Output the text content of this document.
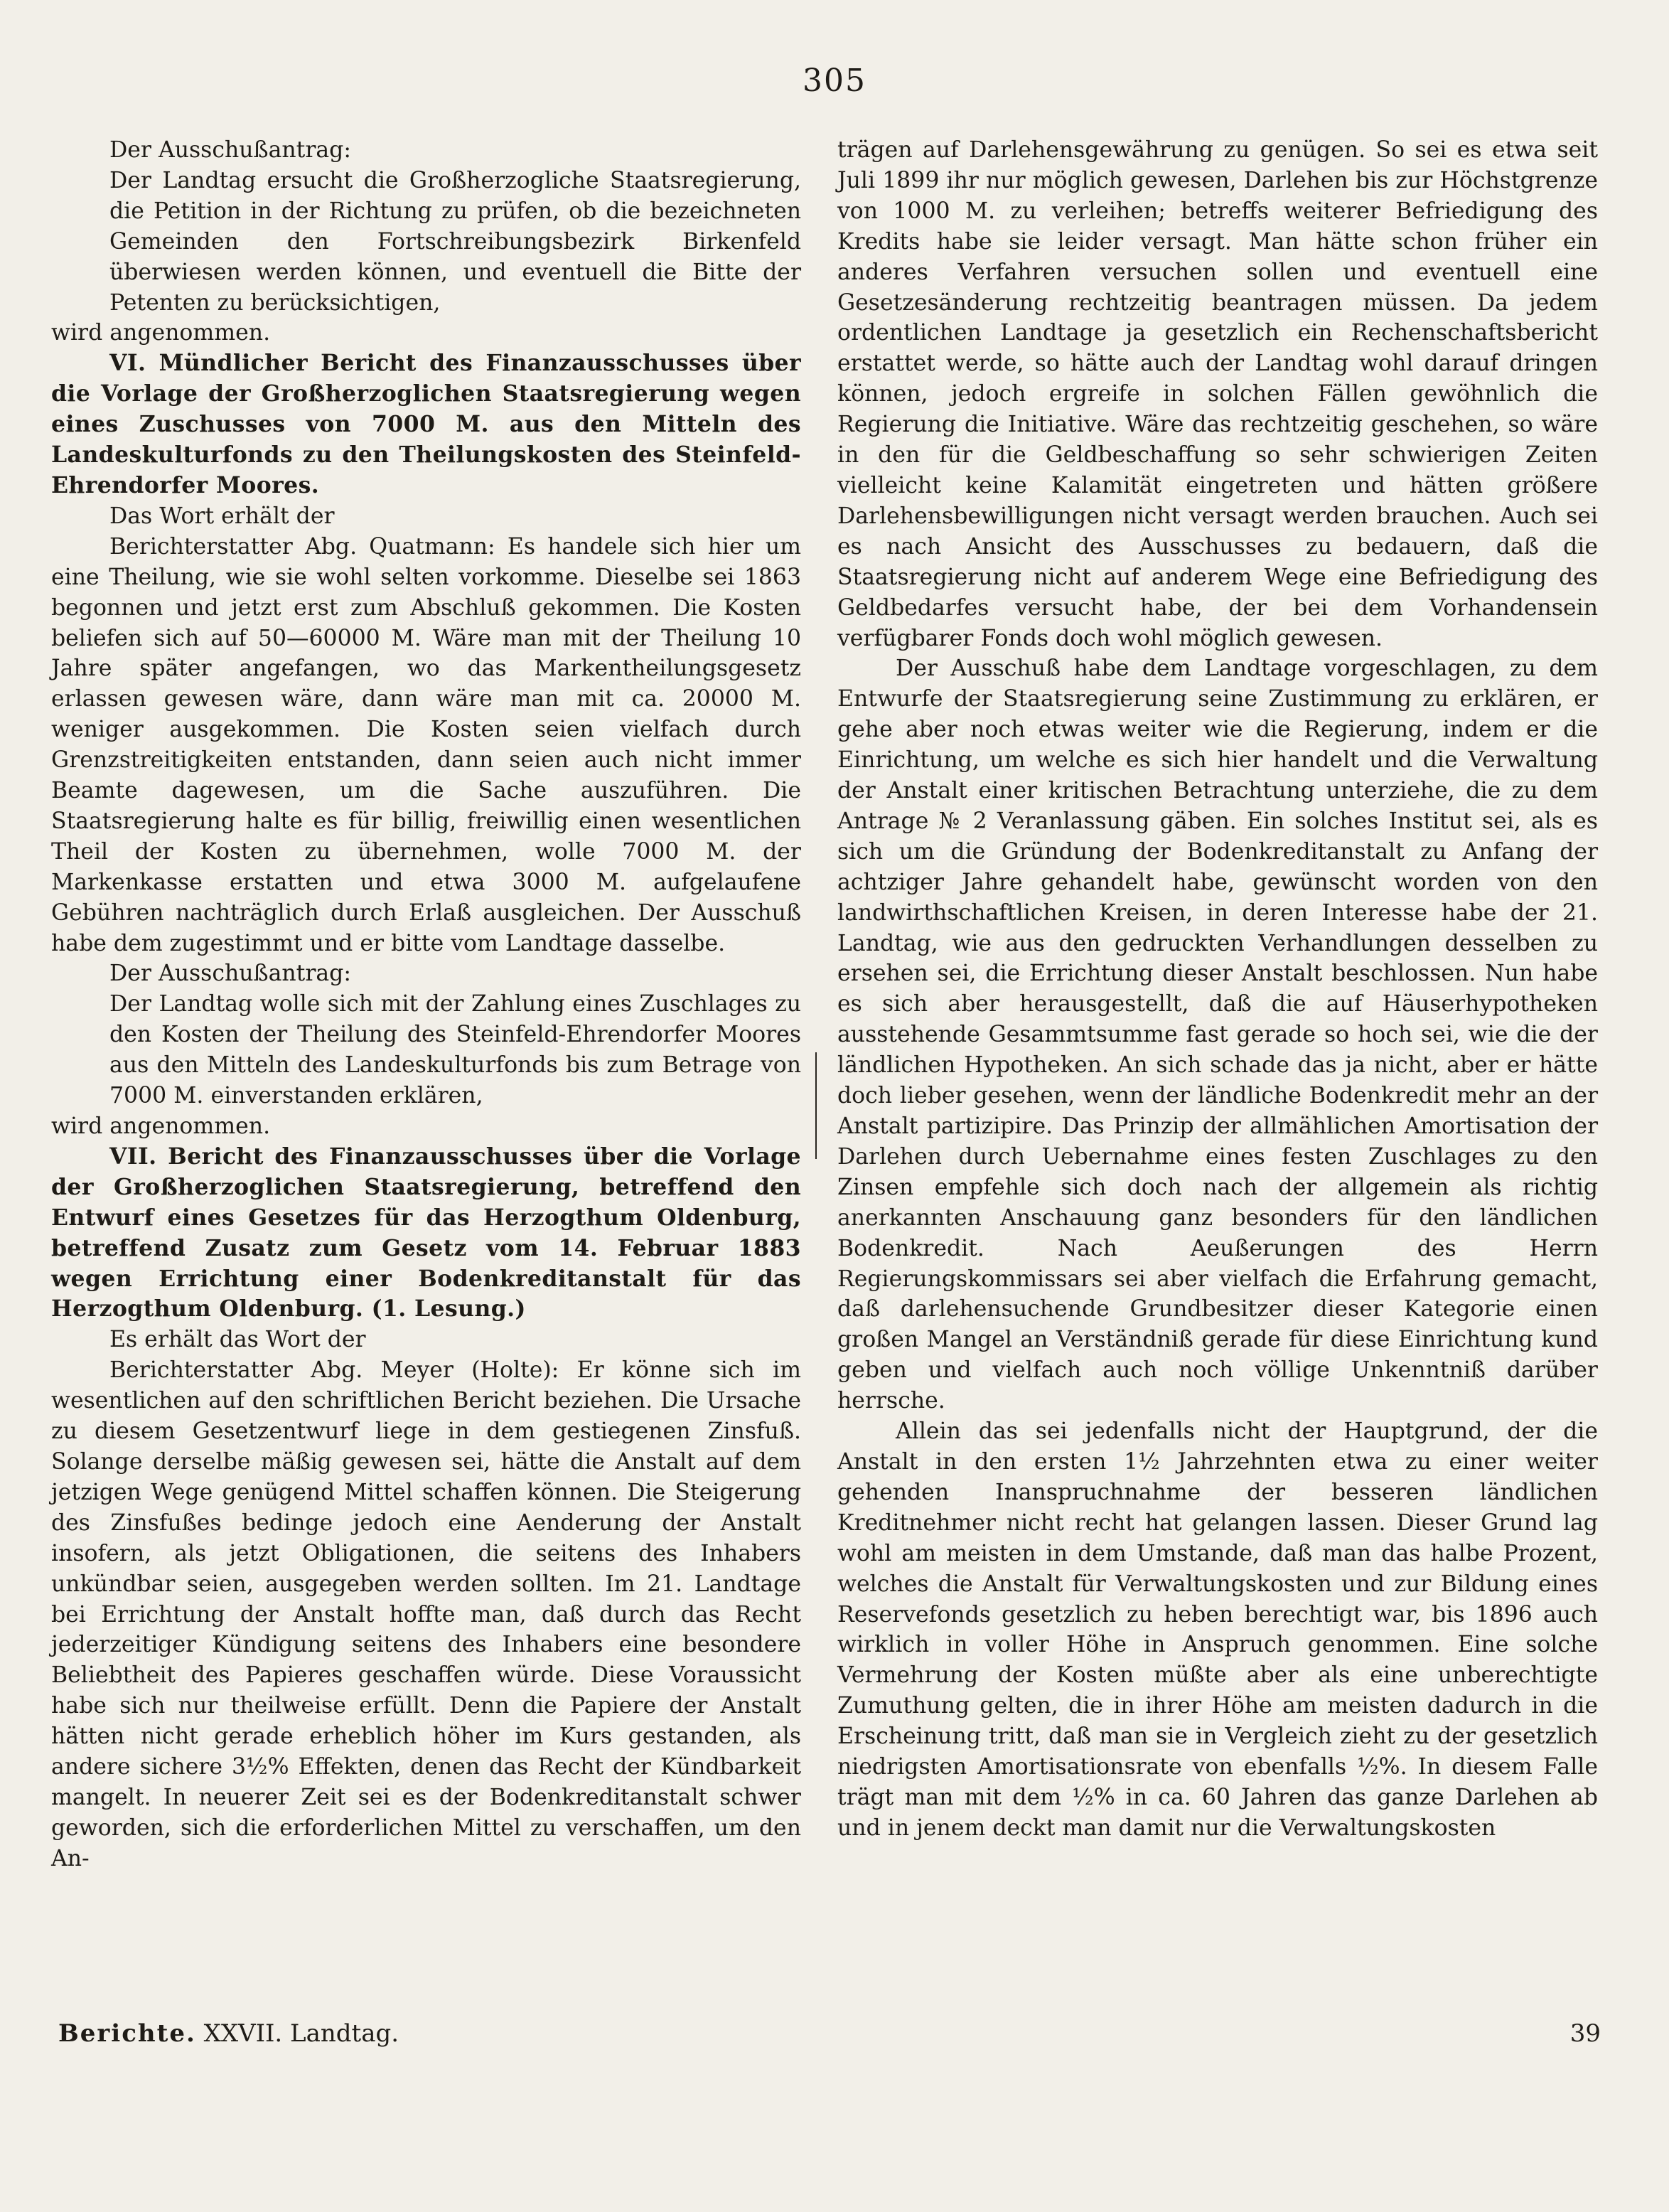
305

Der Ausschußantrag:

Der Landtag ersucht die Großherzogliche Staatsregierung, die Petition in der Richtung zu prüfen, ob die bezeichneten Gemeinden den Fortschreibungsbezirk Birkenfeld überwiesen werden können, und eventuell die Bitte der Petenten zu berücksichtigen,

wird angenommen.

VI. Mündlicher Bericht des Finanzausschusses über die Vorlage der Großherzoglichen Staatsregierung wegen eines Zuschusses von 7000 M. aus den Mitteln des Landeskulturfonds zu den Theilungskosten des Steinfeld-Ehrendorfer Moores.

Das Wort erhält der

Berichterstatter Abg. Quatmann: Es handele sich hier um eine Theilung, wie sie wohl selten vorkomme. Dieselbe sei 1863 begonnen und jetzt erst zum Abschluß gekommen. Die Kosten beliefen sich auf 50—60000 M. Wäre man mit der Theilung 10 Jahre später angefangen, wo das Markentheilungsgesetz erlassen gewesen wäre, dann wäre man mit ca. 20000 M. weniger ausgekommen. Die Kosten seien vielfach durch Grenzstreitigkeiten entstanden, dann seien auch nicht immer Beamte dagewesen, um die Sache auszuführen. Die Staatsregierung halte es für billig, freiwillig einen wesentlichen Theil der Kosten zu übernehmen, wolle 7000 M. der Markenkasse erstatten und etwa 3000 M. aufgelaufene Gebühren nachträglich durch Erlaß ausgleichen. Der Ausschuß habe dem zugestimmt und er bitte vom Landtage dasselbe.

Der Ausschußantrag:

Der Landtag wolle sich mit der Zahlung eines Zuschlages zu den Kosten der Theilung des Steinfeld-Ehrendorfer Moores aus den Mitteln des Landeskulturfonds bis zum Betrage von 7000 M. einverstanden erklären,

wird angenommen.

VII. Bericht des Finanzausschusses über die Vorlage der Großherzoglichen Staatsregierung, betreffend den Entwurf eines Gesetzes für das Herzogthum Oldenburg, betreffend Zusatz zum Gesetz vom 14. Februar 1883 wegen Errichtung einer Bodenkreditanstalt für das Herzogthum Oldenburg. (1. Lesung.)

Es erhält das Wort der

Berichterstatter Abg. Meyer (Holte): Er könne sich im wesentlichen auf den schriftlichen Bericht beziehen. Die Ursache zu diesem Gesetzentwurf liege in dem gestiegenen Zinsfuß. Solange derselbe mäßig gewesen sei, hätte die Anstalt auf dem jetzigen Wege genügend Mittel schaffen können. Die Steigerung des Zinsfußes bedinge jedoch eine Aenderung der Anstalt insofern, als jetzt Obligationen, die seitens des Inhabers unkündbar seien, ausgegeben werden sollten. Im 21. Landtage bei Errichtung der Anstalt hoffte man, daß durch das Recht jederzeitiger Kündigung seitens des Inhabers eine besondere Beliebtheit des Papieres geschaffen würde. Diese Voraussicht habe sich nur theilweise erfüllt. Denn die Papiere der Anstalt hätten nicht gerade erheblich höher im Kurs gestanden, als andere sichere 3½% Effekten, denen das Recht der Kündbarkeit mangelt. In neuerer Zeit sei es der Bodenkreditanstalt schwer geworden, sich die erforderlichen Mittel zu verschaffen, um den An-

trägen auf Darlehensgewährung zu genügen. So sei es etwa seit Juli 1899 ihr nur möglich gewesen, Darlehen bis zur Höchstgrenze von 1000 M. zu verleihen; betreffs weiterer Befriedigung des Kredits habe sie leider versagt. Man hätte schon früher ein anderes Verfahren versuchen sollen und eventuell eine Gesetzesänderung rechtzeitig beantragen müssen. Da jedem ordentlichen Landtage ja gesetzlich ein Rechenschaftsbericht erstattet werde, so hätte auch der Landtag wohl darauf dringen können, jedoch ergreife in solchen Fällen gewöhnlich die Regierung die Initiative. Wäre das rechtzeitig geschehen, so wäre in den für die Geldbeschaffung so sehr schwierigen Zeiten vielleicht keine Kalamität eingetreten und hätten größere Darlehensbewilligungen nicht versagt werden brauchen. Auch sei es nach Ansicht des Ausschusses zu bedauern, daß die Staatsregierung nicht auf anderem Wege eine Befriedigung des Geldbedarfes versucht habe, der bei dem Vorhandensein verfügbarer Fonds doch wohl möglich gewesen.

Der Ausschuß habe dem Landtage vorgeschlagen, zu dem Entwurfe der Staatsregierung seine Zustimmung zu erklären, er gehe aber noch etwas weiter wie die Regierung, indem er die Einrichtung, um welche es sich hier handelt und die Verwaltung der Anstalt einer kritischen Betrachtung unterziehe, die zu dem Antrage № 2 Veranlassung gäben. Ein solches Institut sei, als es sich um die Gründung der Bodenkreditanstalt zu Anfang der achtziger Jahre gehandelt habe, gewünscht worden von den landwirthschaftlichen Kreisen, in deren Interesse habe der 21. Landtag, wie aus den gedruckten Verhandlungen desselben zu ersehen sei, die Errichtung dieser Anstalt beschlossen. Nun habe es sich aber herausgestellt, daß die auf Häuserhypotheken ausstehende Gesammtsumme fast gerade so hoch sei, wie die der ländlichen Hypotheken. An sich schade das ja nicht, aber er hätte doch lieber gesehen, wenn der ländliche Bodenkredit mehr an der Anstalt partizipire. Das Prinzip der allmählichen Amortisation der Darlehen durch Uebernahme eines festen Zuschlages zu den Zinsen empfehle sich doch nach der allgemein als richtig anerkannten Anschauung ganz besonders für den ländlichen Bodenkredit. Nach Aeußerungen des Herrn Regierungskommissars sei aber vielfach die Erfahrung gemacht, daß darlehensuchende Grundbesitzer dieser Kategorie einen großen Mangel an Verständniß gerade für diese Einrichtung kund geben und vielfach auch noch völlige Unkenntniß darüber herrsche.

Allein das sei jedenfalls nicht der Hauptgrund, der die Anstalt in den ersten 1½ Jahrzehnten etwa zu einer weiter gehenden Inanspruchnahme der besseren ländlichen Kreditnehmer nicht recht hat gelangen lassen. Dieser Grund lag wohl am meisten in dem Umstande, daß man das halbe Prozent, welches die Anstalt für Verwaltungskosten und zur Bildung eines Reservefonds gesetzlich zu heben berechtigt war, bis 1896 auch wirklich in voller Höhe in Anspruch genommen. Eine solche Vermehrung der Kosten müßte aber als eine unberechtigte Zumuthung gelten, die in ihrer Höhe am meisten dadurch in die Erscheinung tritt, daß man sie in Vergleich zieht zu der gesetzlich niedrigsten Amortisationsrate von ebenfalls ½%. In diesem Falle trägt man mit dem ½% in ca. 60 Jahren das ganze Darlehen ab und in jenem deckt man damit nur die Verwaltungskosten

Berichte. XXVII. Landtag.	39
